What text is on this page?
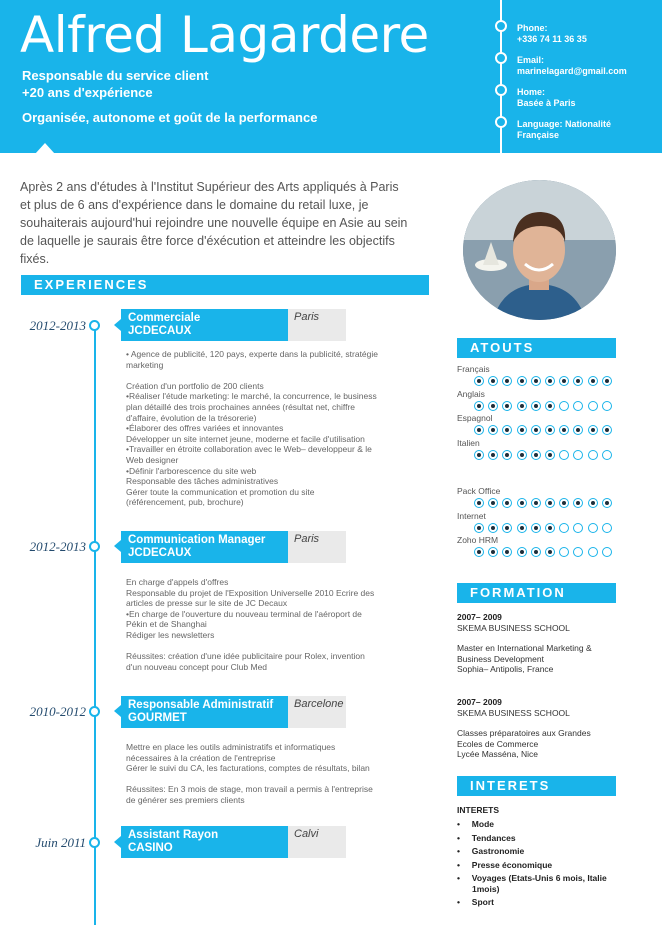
Alfred Lagardere
Responsable du service client
+20 ans d'expérience
Organisée, autonome et goût de la performance
Phone:
+336 74 11 36 35
Email:
marinelagard@gmail.com
Home:
Basée à Paris
Language: Nationalité
Française
Après 2 ans d'études à l'Institut Supérieur des Arts appliqués à Paris et plus de 6 ans d'expérience dans le domaine du retail luxe, je souhaiterais aujourd'hui rejoindre une nouvelle équipe en Asie au sein de laquelle je saurais être force d'éxécution et atteindre les objectifs fixés.
EXPERIENCES
2012-2013	Commerciale
JCDECAUX
Paris

• Agence de publicité, 120 pays, experte dans la publicité, stratégie

marketing

Création d'un portfolio de 200 clients

•Réaliser l'étude marketing: le marché, la concurrence, le business

plan détaillé des trois prochaines années (résultat net, chiffre

d'affaire, évolution de la trésorerie)

•Élaborer des offres variées et innovantes

Développer un site internet jeune, moderne et facile d'utilisation

•Travailler en étroite collaboration avec le Web– developpeur & le

Web designer

•Définir l'arborescence du site web

Responsable des tâches administratives

Gérer toute la communication et promotion du site

(référencement, pub, brochure)

2012-2013	Communication Manager
JCDECAUX
Paris

En charge d'appels d'offres

Responsable du projet de l'Exposition Universelle 2010 Ecrire des

articles de presse sur le site de JC Decaux

•En charge de l'ouverture du nouveau terminal de l'aéroport de

Pékin et de Shanghai

Rédiger les newsletters

Réussites: création d'une idée publicitaire pour Rolex, invention

d'un nouveau concept pour Club Med

2010-2012	Responsable Administratif
GOURMET
Barcelone

Mettre en place les outils administratifs et informatiques

nécessaires à la création de l'entreprise

Gérer le suivi du CA, les facturations, comptes de résultats, bilan

Réussites: En 3 mois de stage, mon travail a permis à l'entreprise

de générer ses premiers clients

Juin 2011	Assistant Rayon
CASINO
Calvi
ATOUTS
Français
Anglais
Espagnol
Italien
Pack Office
Internet
Zoho HRM
FORMATION
2007– 2009
SKEMA BUSINESS SCHOOL
Master en International Marketing &
Business Development
Sophia– Antipolis, France
2007– 2009
SKEMA BUSINESS SCHOOL
Classes préparatoires aux Grandes
Ecoles de Commerce
Lycée Masséna, Nice
INTERETS
INTERETS
•     Mode
•     Tendances
•     Gastronomie
•     Presse économique
•     Voyages (Etats-Unis 6 mois, Italie
1mois)
•     Sport
